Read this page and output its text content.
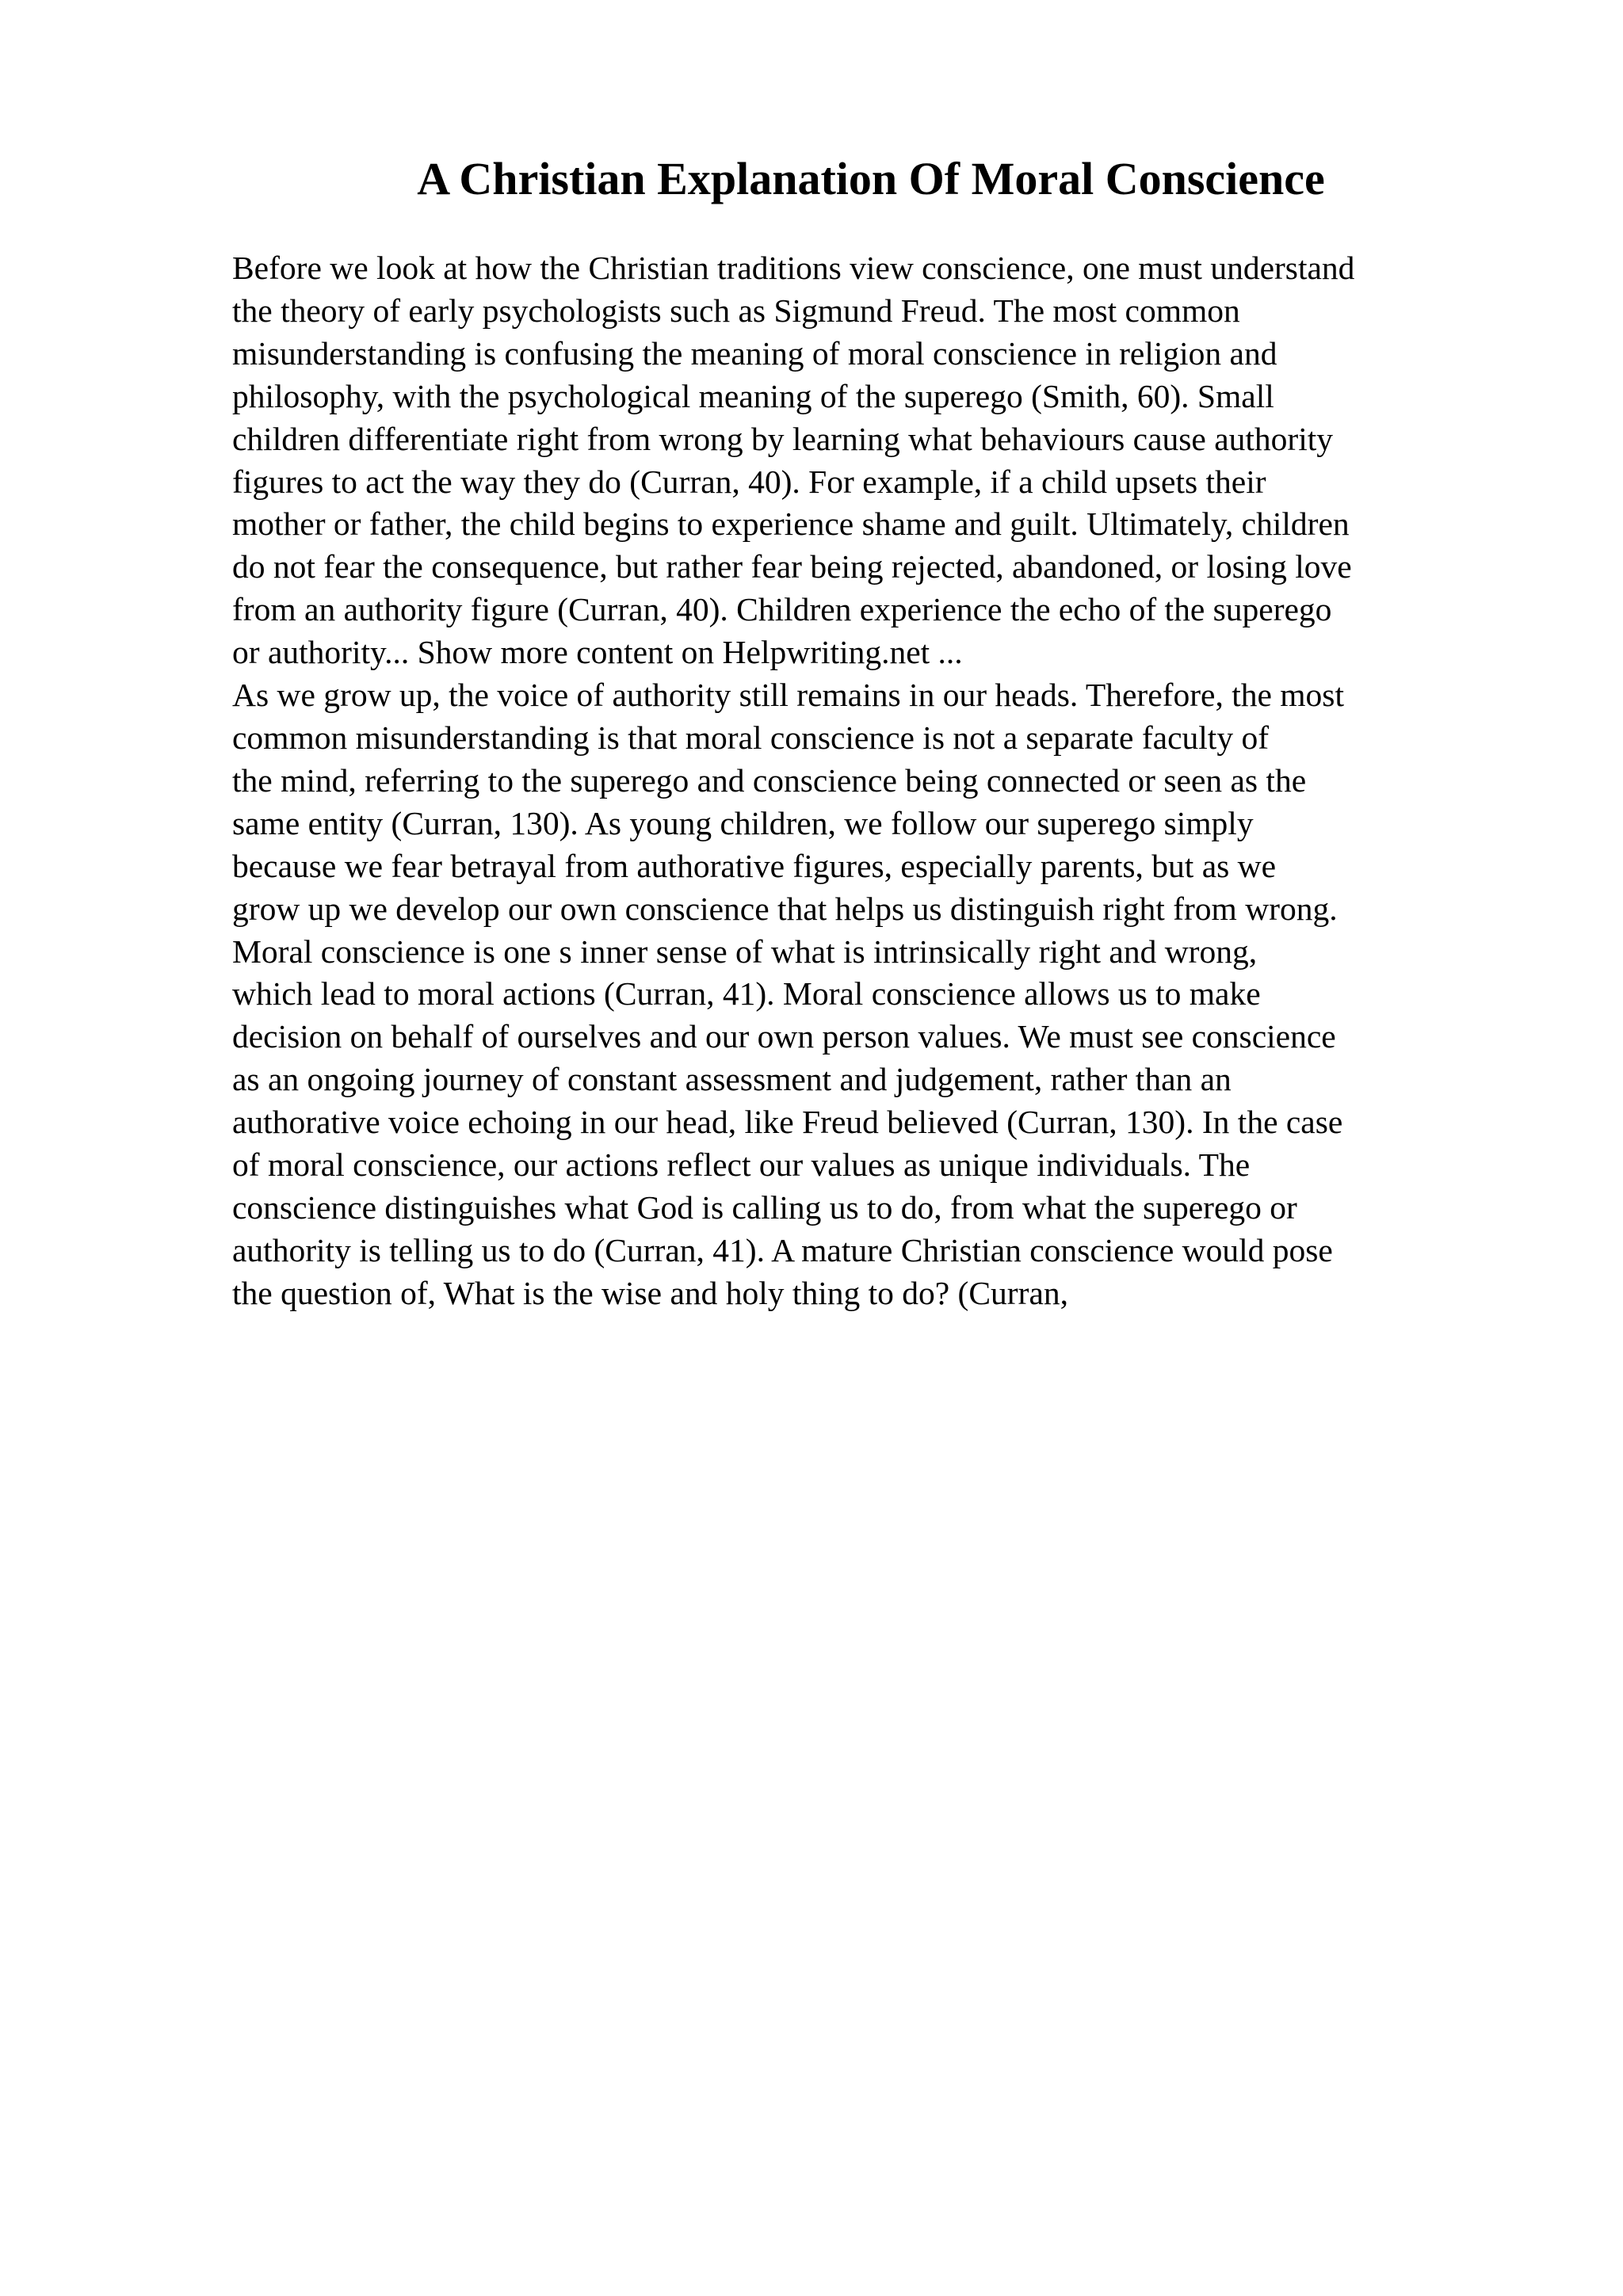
A Christian Explanation Of Moral Conscience
Before we look at how the Christian traditions view conscience, one must understand
the theory of early psychologists such as Sigmund Freud. The most common
misunderstanding is confusing the meaning of moral conscience in religion and
philosophy, with the psychological meaning of the superego (Smith, 60). Small
children differentiate right from wrong by learning what behaviours cause authority
figures to act the way they do (Curran, 40). For example, if a child upsets their
mother or father, the child begins to experience shame and guilt. Ultimately, children
do not fear the consequence, but rather fear being rejected, abandoned, or losing love
from an authority figure (Curran, 40). Children experience the echo of the superego
or authority... Show more content on Helpwriting.net ...
As we grow up, the voice of authority still remains in our heads. Therefore, the most
common misunderstanding is that moral conscience is not a separate faculty of
the mind, referring to the superego and conscience being connected or seen as the
same entity (Curran, 130). As young children, we follow our superego simply
because we fear betrayal from authorative figures, especially parents, but as we
grow up we develop our own conscience that helps us distinguish right from wrong.
Moral conscience is one s inner sense of what is intrinsically right and wrong,
which lead to moral actions (Curran, 41). Moral conscience allows us to make
decision on behalf of ourselves and our own person values. We must see conscience
as an ongoing journey of constant assessment and judgement, rather than an
authorative voice echoing in our head, like Freud believed (Curran, 130). In the case
of moral conscience, our actions reflect our values as unique individuals. The
conscience distinguishes what God is calling us to do, from what the superego or
authority is telling us to do (Curran, 41). A mature Christian conscience would pose
the question of, What is the wise and holy thing to do? (Curran,
